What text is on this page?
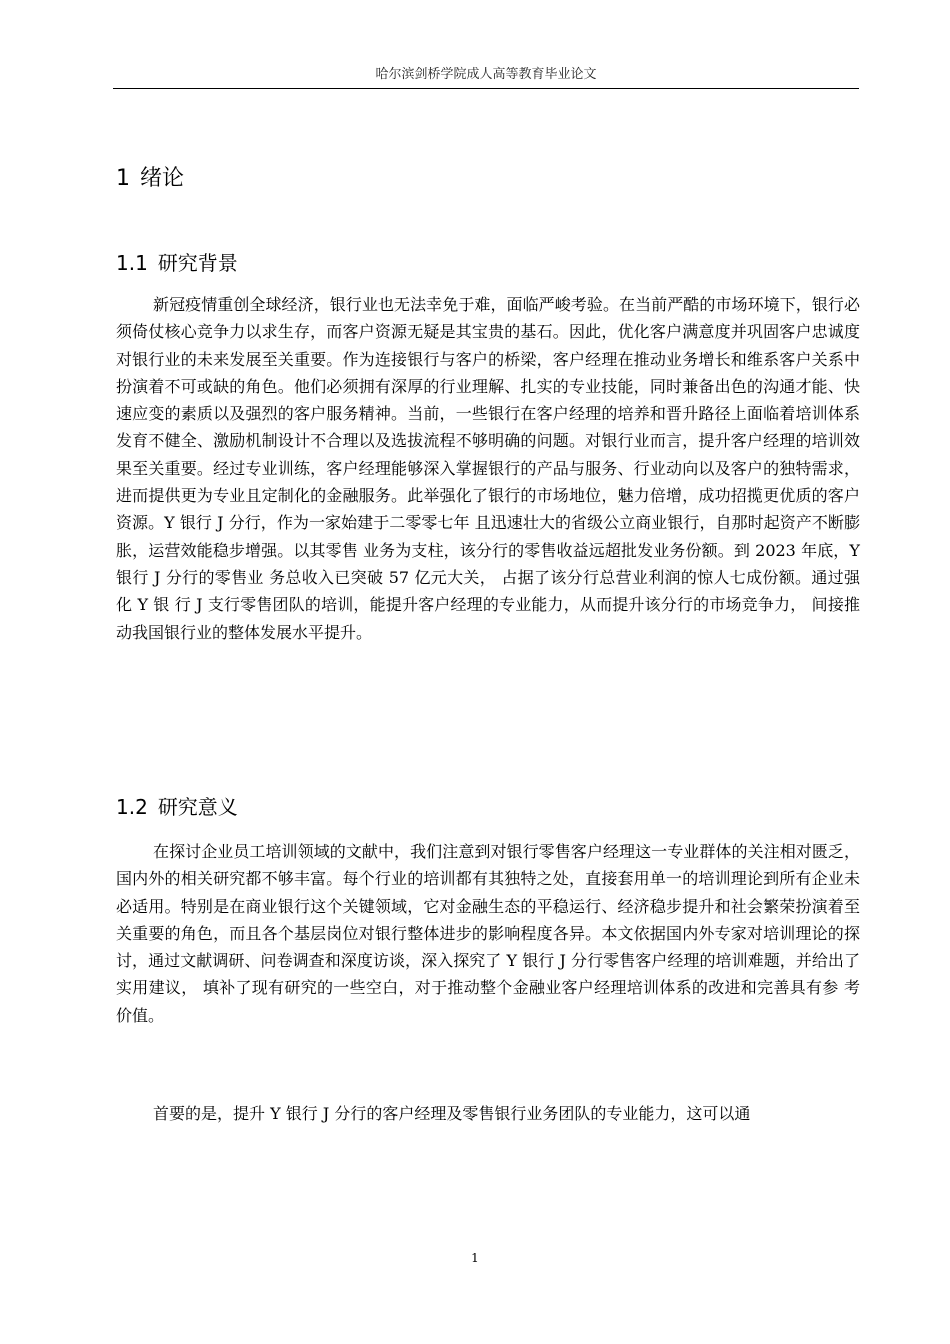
哈尔滨剑桥学院成人高等教育毕业论文
1 绪论
1.1 研究背景

新冠疫情重创全球经济，银行业也无法幸免于难，面临严峻考验。在当前严酷的市场环境下，银行必须倚仗核心竞争力以求生存，而客户资源无疑是其宝贵的基石。因此，优化客户满意度并巩固客户忠诚度对银行业的未来发展至关重要。作为连接银行与客户的桥梁，客户经理在推动业务增长和维系客户关系中扮演着不可或缺的角色。他们必须拥有深厚的行业理解、扎实的专业技能，同时兼备出色的沟通才能、快速应变的素质以及强烈的客户服务精神。当前，一些银行在客户经理的培养和晋升路径上面临着培训体系发育不健全、激励机制设计不合理以及选拔流程不够明确的问题。对银行业而言，提升客户经理的培训效果至关重要。经过专业训练，客户经理能够深入掌握银行的产品与服务、行业动向以及客户的独特需求，进而提供更为专业且定制化的金融服务。此举强化了银行的市场地位，魅力倍增，成功招揽更优质的客户资源。Y 银行 J 分行，作为一家始建于二零零七年 且迅速壮大的省级公立商业银行，自那时起资产不断膨胀，运营效能稳步增强。以其零售 业务为支柱，该分行的零售收益远超批发业务份额。到 2023 年底，Y 银行 J 分行的零售业 务总收入已突破 57 亿元大关， 占据了该分行总营业利润的惊人七成份额。通过强化 Y 银 行 J 支行零售团队的培训，能提升客户经理的专业能力，从而提升该分行的市场竞争力， 间接推动我国银行业的整体发展水平提升。

1.2 研究意义

在探讨企业员工培训领域的文献中，我们注意到对银行零售客户经理这一专业群体的关注相对匮乏，国内外的相关研究都不够丰富。每个行业的培训都有其独特之处，直接套用单一的培训理论到所有企业未必适用。特别是在商业银行这个关键领域，它对金融生态的平稳运行、经济稳步提升和社会繁荣扮演着至关重要的角色，而且各个基层岗位对银行整体进步的影响程度各异。本文依据国内外专家对培训理论的探讨，通过文献调研、问卷调查和深度访谈，深入探究了 Y 银行 J 分行零售客户经理的培训难题，并给出了实用建议， 填补了现有研究的一些空白，对于推动整个金融业客户经理培训体系的改进和完善具有参 考价值。

首要的是，提升 Y 银行 J 分行的客户经理及零售银行业务团队的专业能力，这可以通

1
